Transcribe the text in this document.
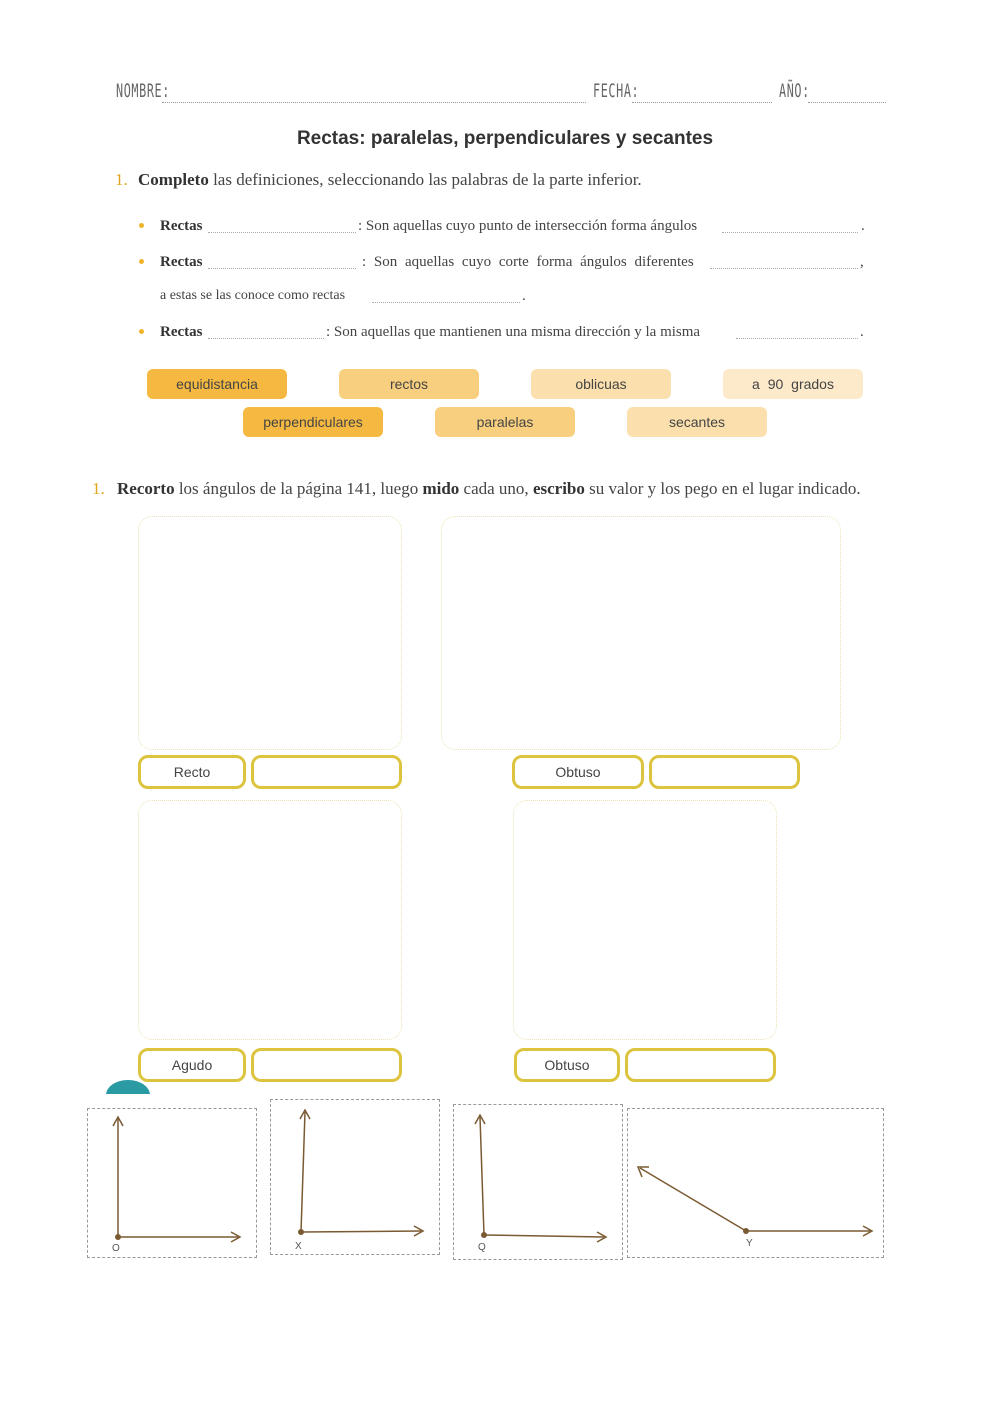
NOMBRE:	FECHA:	AÑO:
Rectas: paralelas, perpendiculares y secantes
1. Completo las definiciones, seleccionando las palabras de la parte inferior.
Rectas	: Son aquellas cuyo punto de intersección forma ángulos	.
Rectas	: Son aquellas cuyo corte forma ángulos diferentes	,
a estas se las conoce como rectas	.
Rectas	: Son aquellas que mantienen una misma dirección y la misma	.
equidistancia	rectos	oblicuas	a 90 grados
perpendiculares	paralelas	secantes
1. Recorto los ángulos de la página 141, luego mido cada uno, escribo su valor y los pego en el lugar indicado.
Recto	Obtuso
Agudo	Obtuso
O	X	Q	Y
